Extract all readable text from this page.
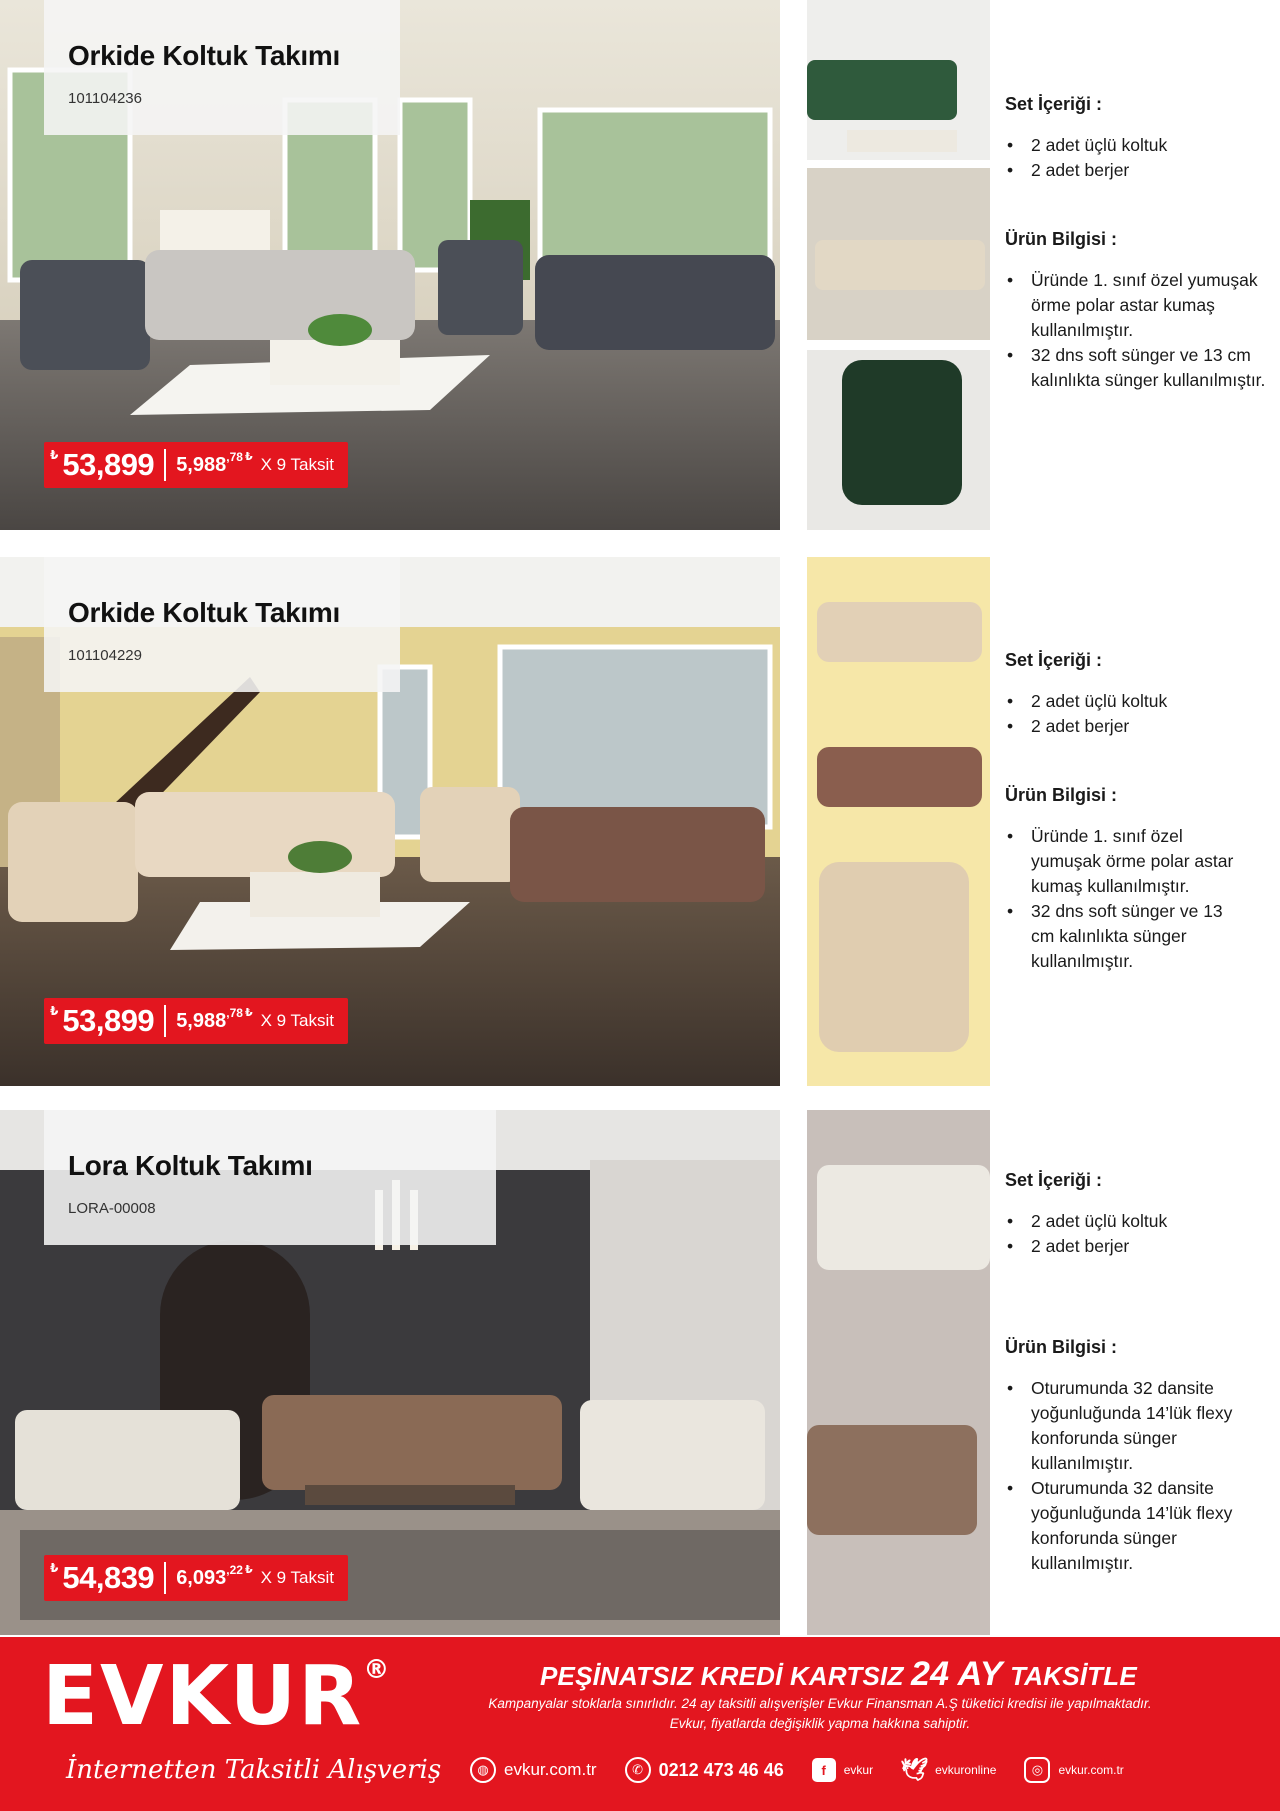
Orkide Koltuk Takımı
101104236
₺ 53,899 5,988 ,78 ₺ X 9 Taksit
Set İçeriği :
• 2 adet üçlü koltuk
• 2 adet berjer
Ürün Bilgisi :
• Üründe 1. sınıf özel yumuşak örme polar astar kumaş kullanılmıştır.
• 32 dns soft sünger ve 13 cm kalınlıkta sünger kullanılmıştır.
Orkide Koltuk Takımı
101104229
₺ 53,899 5,988 ,78 ₺ X 9 Taksit
Set İçeriği :
• 2 adet üçlü koltuk
• 2 adet berjer
Ürün Bilgisi :
• Üründe 1. sınıf özel yumuşak örme polar astar kumaş kullanılmıştır.
• 32 dns soft sünger ve 13 cm kalınlıkta sünger kullanılmıştır.
Lora Koltuk Takımı
LORA-00008
₺ 54,839 6,093 ,22 ₺ X 9 Taksit
Set İçeriği :
• 2 adet üçlü koltuk
• 2 adet berjer
Ürün Bilgisi :
• Oturumunda 32 dansite yoğunluğunda 14’lük flexy konforunda sünger kullanılmıştır.
• Oturumunda 32 dansite yoğunluğunda 14’lük flexy konforunda sünger kullanılmıştır.
EVKUR®
İnternetten Taksitli Alışveriş
PEŞİNATSIZ KREDİ KARTSIZ 24 AY TAKSİTLE
Kampanyalar stoklarla sınırlıdır. 24 ay taksitli alışverişler Evkur Finansman A.Ş tüketici kredisi ile yapılmaktadır.
Evkur, fiyatlarda değişiklik yapma hakkına sahiptir.
◍ evkur.com.tr	✆ 0212 473 46 46	f	evkur 🕊 evkuronline	◎	evkur.com.tr
